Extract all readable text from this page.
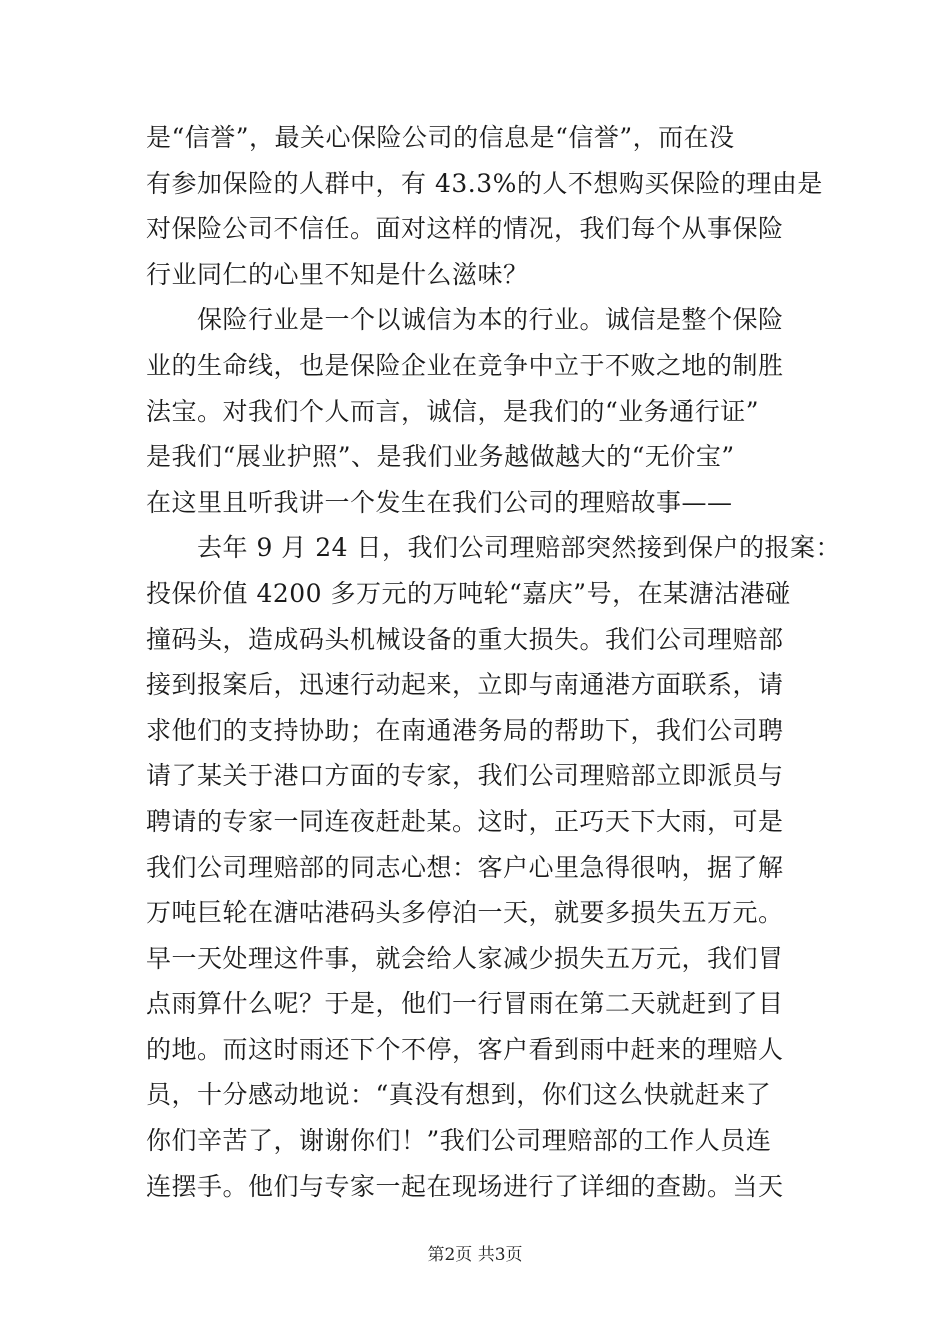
是“信誉”，最关心保险公司的信息是“信誉”，而在没
有参加保险的人群中，有 43.3%的人不想购买保险的理由是
对保险公司不信任。面对这样的情况，我们每个从事保险
行业同仁的心里不知是什么滋味？
　　保险行业是一个以诚信为本的行业。诚信是整个保险
业的生命线，也是保险企业在竞争中立于不败之地的制胜
法宝。对我们个人而言，诚信，是我们的“业务通行证”
是我们“展业护照”、是我们业务越做越大的“无价宝”
在这里且听我讲一个发生在我们公司的理赔故事——
　　去年 9 月 24 日，我们公司理赔部突然接到保户的报案：
投保价值 4200 多万元的万吨轮“嘉庆”号，在某溏沽港碰
撞码头，造成码头机械设备的重大损失。我们公司理赔部
接到报案后，迅速行动起来，立即与南通港方面联系，请
求他们的支持协助；在南通港务局的帮助下，我们公司聘
请了某关于港口方面的专家，我们公司理赔部立即派员与
聘请的专家一同连夜赶赴某。这时，正巧天下大雨，可是
我们公司理赔部的同志心想：客户心里急得很呐，据了解
万吨巨轮在溏咕港码头多停泊一天，就要多损失五万元。
早一天处理这件事，就会给人家减少损失五万元，我们冒
点雨算什么呢？于是，他们一行冒雨在第二天就赶到了目
的地。而这时雨还下个不停，客户看到雨中赶来的理赔人
员，十分感动地说：“真没有想到，你们这么快就赶来了
你们辛苦了，谢谢你们！”我们公司理赔部的工作人员连
连摆手。他们与专家一起在现场进行了详细的查勘。当天
第2页 共3页
